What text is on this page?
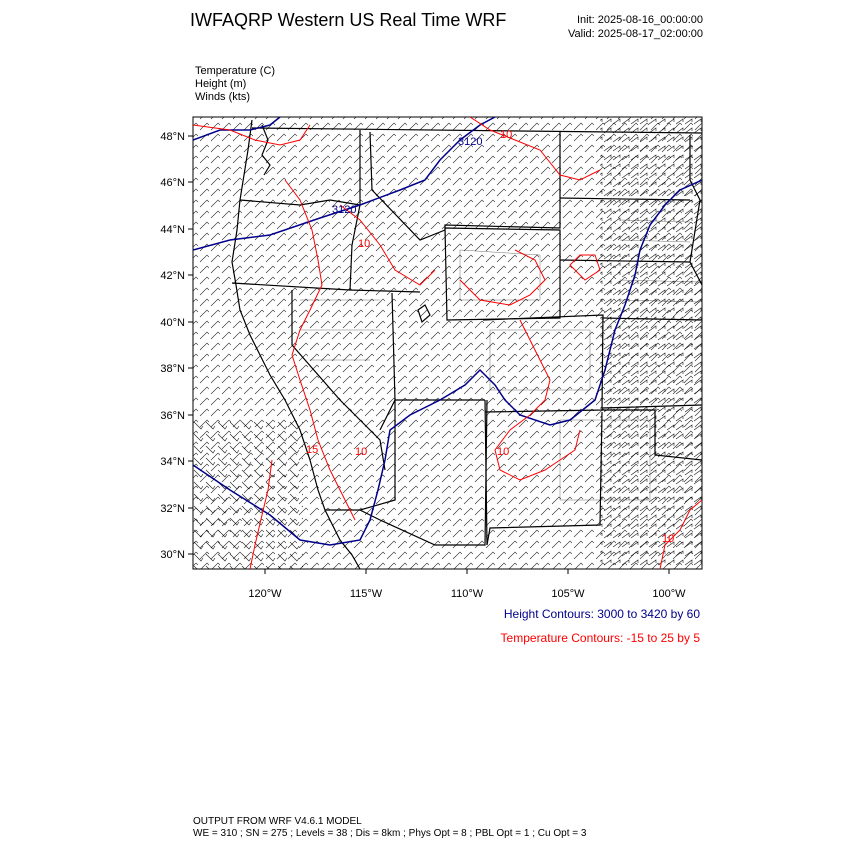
IWFAQRP Western US Real Time WRF	Init: 2025-08-16_00:00:00
Valid: 2025-08-17_02:00:00
Temperature (C)
Height (m)
Winds (kts)
3120
3120
10
10
10	10
10
15
48°N
46°N
44°N
42°N
40°N
38°N
36°N
34°N
32°N
30°N
120°W	115°W	110°W	105°W	100°W
Height Contours: 3000 to 3420 by 60
Temperature Contours: -15 to 25 by 5
OUTPUT FROM WRF V4.6.1 MODEL
WE = 310 ; SN = 275 ; Levels = 38 ; Dis = 8km ; Phys Opt = 8 ; PBL Opt = 1 ; Cu Opt = 3
